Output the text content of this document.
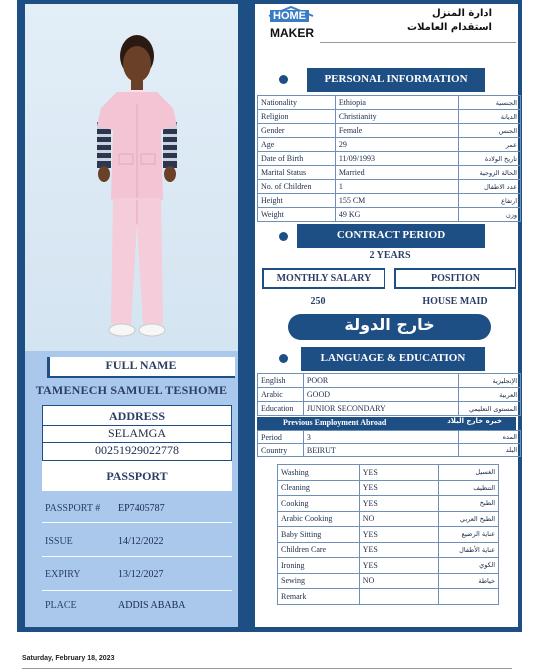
FULL NAME
TAMENECH SAMUEL TESHOME
ADDRESS
SELAMGA
00251929022778
PASSPORT
PASSPORT # EP7405787
ISSUE	14/12/2022
EXPIRY	13/12/2027
PLACE	ADDIS ABABA
HOME
MAKER
ادارة المنزل
استقدام العاملات
PERSONAL INFORMATION
Nationality	Ethiopia	الجنسية
Religion	Christianity	الديانة
Gender	Female	الجنس
Age	29	عمر
Date of Birth	11/09/1993	تاريخ الولادة
Marital Status	Married	الحالة الزوجية
No. of Children	1	عدد الاطفال
Height	155 CM	ارتفاع
Weight	49 KG	وزن
CONTRACT PERIOD
2 YEARS
MONTHLY SALARY	POSITION
250	HOUSE MAID
خارج الدولة
LANGUAGE & EDUCATION
English	POOR	الإنجليزية
Arabic	GOOD	العربية
Education	JUNIOR SECONDARY	المستوى التعليمي
Previous Employment Abroad	خبره خارج البلاد
Period	3	المده
Country	BEIRUT	البلد
Washing	YES	الغسيل
Cleaning	YES	التنظيف
Cooking	YES	الطبخ
Arabic Cooking	NO	الطبخ العربي
Baby Sitting	YES	عناية الرضيع
Children Care	YES	عناية الأطفال
Ironing	YES	الكوي
Sewing	NO	خياطة
Remark		
Saturday, February 18, 2023
